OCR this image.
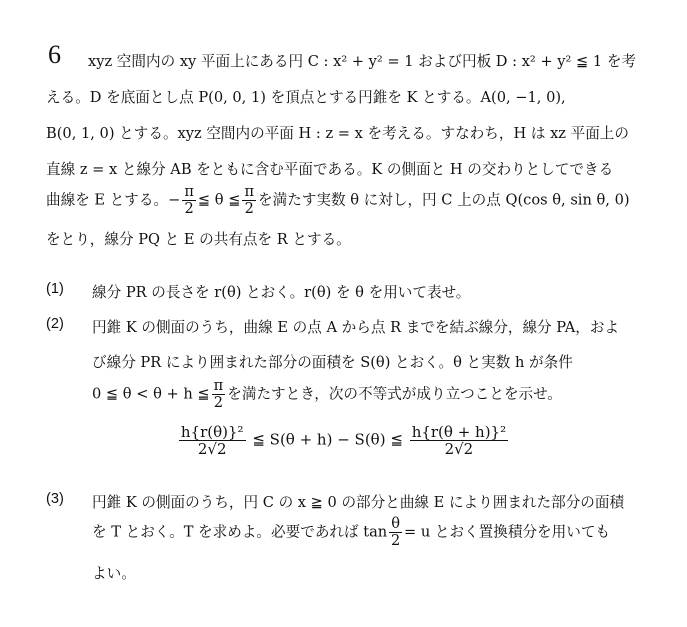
6 xyz 空間内の xy 平面上にある円 C : x² + y² = 1 および円板 D : x² + y² ≦ 1 を考
える。D を底面とし点 P(0, 0, 1) を頂点とする円錐を K とする。A(0, −1, 0),
B(0, 1, 0) とする。xyz 空間内の平面 H : z = x を考える。すなわち，H は xz 平面上の
直線 z = x と線分 AB をともに含む平面である。K の側面と H の交わりとしてできる
曲線を E とする。− $\frac{\pi}{2}$ ≦ θ ≦ $\frac{\pi}{2}$ を満たす実数 θ に対し，円 C 上の点 Q(cos θ, sin θ, 0)
をとり，線分 PQ と E の共有点を R とする。
(1) 線分 PR の長さを r(θ) とおく。r(θ) を θ を用いて表せ。
(2) 円錐 K の側面のうち，曲線 E の点 A から点 R までを結ぶ線分，線分 PA，およ
び線分 PR により囲まれた部分の面積を S(θ) とおく。θ と実数 h が条件
0 ≦ θ < θ + h ≦ $\frac{\pi}{2}$ を満たすとき，次の不等式が成り立つことを示せ。
$\frac{\text{h\{r(θ)\}²}}{2√2}$ ≦ S(θ + h) − S(θ) ≦ $\frac{\text{h\{r(θ + h)\}²}}{2√2}$
(3) 円錐 K の側面のうち，円 C の x ≧ 0 の部分と曲線 E により囲まれた部分の面積
を T とおく。T を求めよ。必要であれば $\tan \frac{\theta}{2} = u$ とおく置換積分を用いても
よい。
